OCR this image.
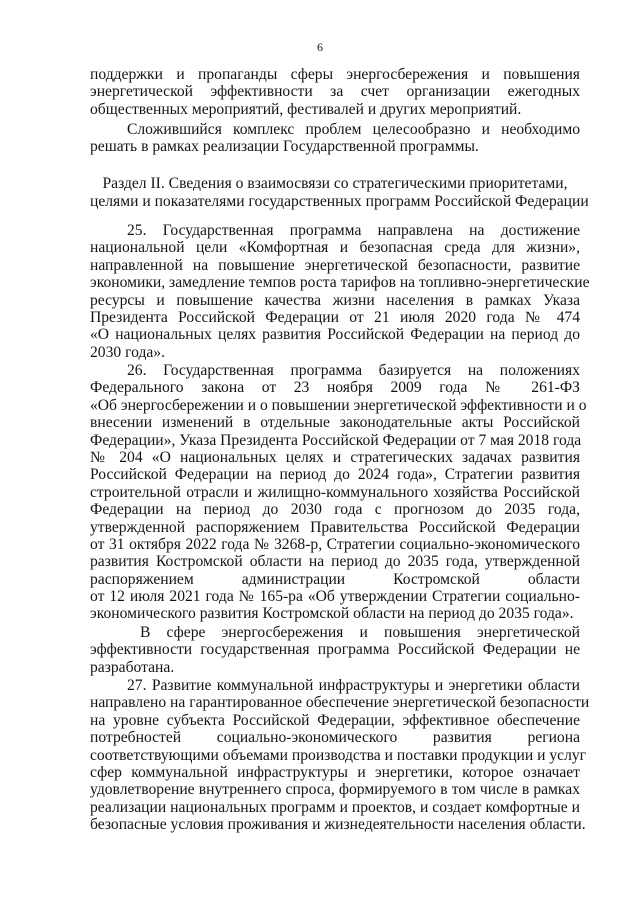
6
поддержки и пропаганды сферы энергосбережения и повышения
энергетической эффективности за счет организации ежегодных
общественных мероприятий, фестивалей и других мероприятий.
Сложившийся комплекс проблем целесообразно и необходимо
решать в рамках реализации Государственной программы.
Раздел II. Сведения о взаимосвязи со стратегическими приоритетами,
целями и показателями государственных программ Российской Федерации
25. Государственная программа направлена на достижение
национальной цели «Комфортная и безопасная среда для жизни»,
направленной на повышение энергетической безопасности, развитие
экономики, замедление темпов роста тарифов на топливно-энергетические
ресурсы и повышение качества жизни населения в рамках Указа
Президента Российской Федерации от 21 июля 2020 года № 474
«О национальных целях развития Российской Федерации на период до
2030 года».
26. Государственная программа базируется на положениях
Федерального закона от 23 ноября 2009 года № 261-ФЗ
«Об энергосбережении и о повышении энергетической эффективности и о
внесении изменений в отдельные законодательные акты Российской
Федерации», Указа Президента Российской Федерации от 7 мая 2018 года
№ 204 «О национальных целях и стратегических задачах развития
Российской Федерации на период до 2024 года», Стратегии развития
строительной отрасли и жилищно-коммунального хозяйства Российской
Федерации на период до 2030 года с прогнозом до 2035 года,
утвержденной распоряжением Правительства Российской Федерации
от 31 октября 2022 года № 3268-р, Стратегии социально-экономического
развития Костромской области на период до 2035 года, утвержденной
распоряжением администрации Костромской области
от 12 июля 2021 года № 165-ра «Об утверждении Стратегии социально-
экономического развития Костромской области на период до 2035 года».
В сфере энергосбережения и повышения энергетической
эффективности государственная программа Российской Федерации не
разработана.
27. Развитие коммунальной инфраструктуры и энергетики области
направлено на гарантированное обеспечение энергетической безопасности
на уровне субъекта Российской Федерации, эффективное обеспечение
потребностей социально-экономического развития региона
соответствующими объемами производства и поставки продукции и услуг
сфер коммунальной инфраструктуры и энергетики, которое означает
удовлетворение внутреннего спроса, формируемого в том числе в рамках
реализации национальных программ и проектов, и создает комфортные и
безопасные условия проживания и жизнедеятельности населения области.
